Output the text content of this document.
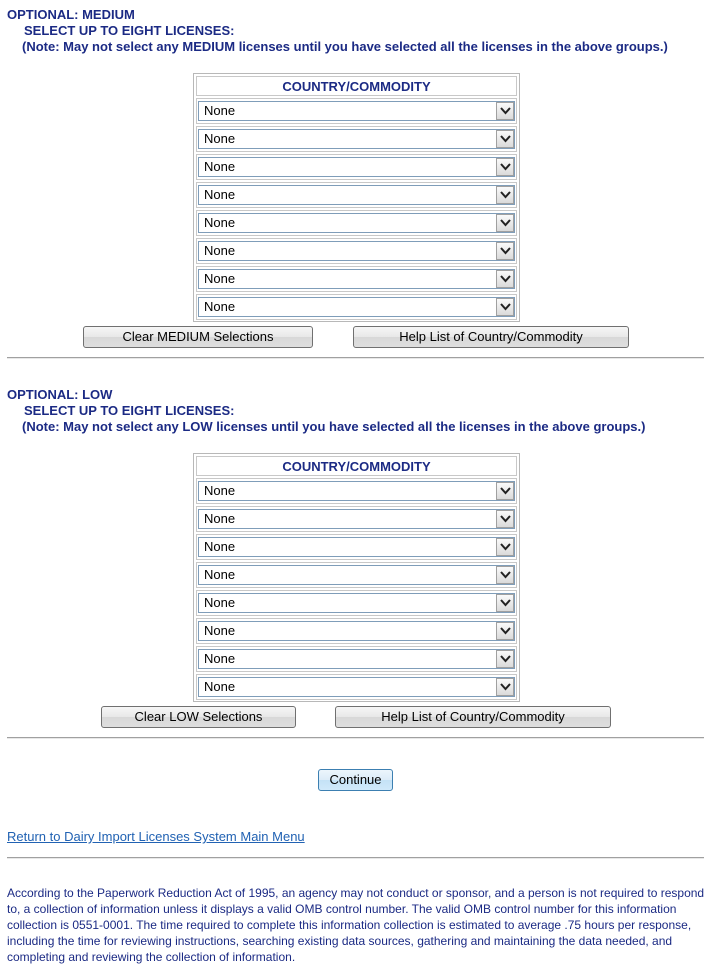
OPTIONAL: MEDIUM
SELECT UP TO EIGHT LICENSES:
(Note: May not select any MEDIUM licenses until you have selected all the licenses in the above groups.)
COUNTRY/COMMODITY
None
None
None
None
None
None
None
None
Clear MEDIUM Selections	Help List of Country/Commodity
OPTIONAL: LOW
SELECT UP TO EIGHT LICENSES:
(Note: May not select any LOW licenses until you have selected all the licenses in the above groups.)
COUNTRY/COMMODITY
None
None
None
None
None
None
None
None
Clear LOW Selections	Help List of Country/Commodity
Continue
Return to Dairy Import Licenses System Main Menu
According to the Paperwork Reduction Act of 1995, an agency may not conduct or sponsor, and a person is not required to respond to, a collection of information unless it displays a valid OMB control number. The valid OMB control number for this information collection is 0551-0001. The time required to complete this information collection is estimated to average .75 hours per response, including the time for reviewing instructions, searching existing data sources, gathering and maintaining the data needed, and completing and reviewing the collection of information.
